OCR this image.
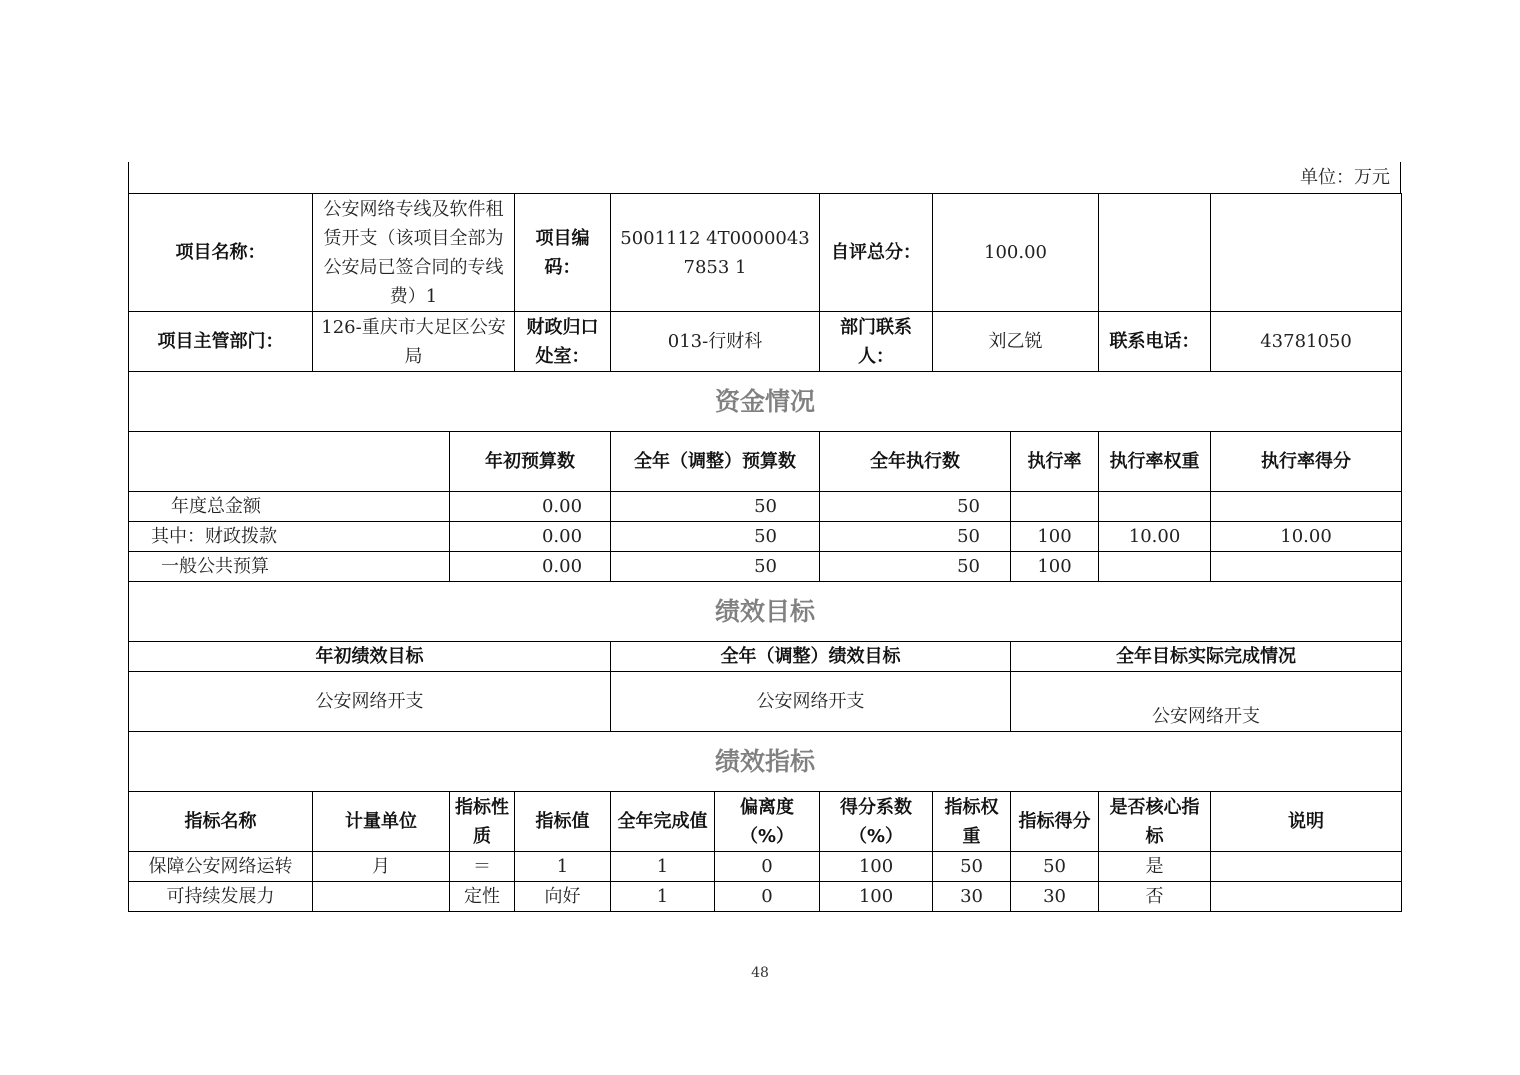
单位：万元
项目名称：	公安网络专线及软件租赁开支（该项目全部为公安局已签合同的专线费）1		项目编码：	5001112 4T00000437853 1		自评总分：	100.00			
项目主管部门：	126-重庆市大足区公安局		财政归口处室：	013-行财科		部门联系人：	刘乙锐		联系电话：	43781050
资金情况										
		年初预算数		全年（调整）预算数		全年执行数		执行率	执行率权重	执行率得分
年度总金额		0.00		50		50				
其中：财政拨款		0.00		50		50		100	10.00	10.00
一般公共预算		0.00		50		50		100		
绩效目标										
年初绩效目标				全年（调整）绩效目标				全年目标实际完成情况		
公安网络开支				公安网络开支				公安网络开支		
绩效指标										
指标名称	计量单位	指标性质	指标值	全年完成值	偏离度（%）	得分系数（%）	指标权重	指标得分	是否核心指标	说明
保障公安网络运转	月	＝	1	1	0	100	50	50	是	
可持续发展力		定性	向好	1	0	100	30	30	否	
48
